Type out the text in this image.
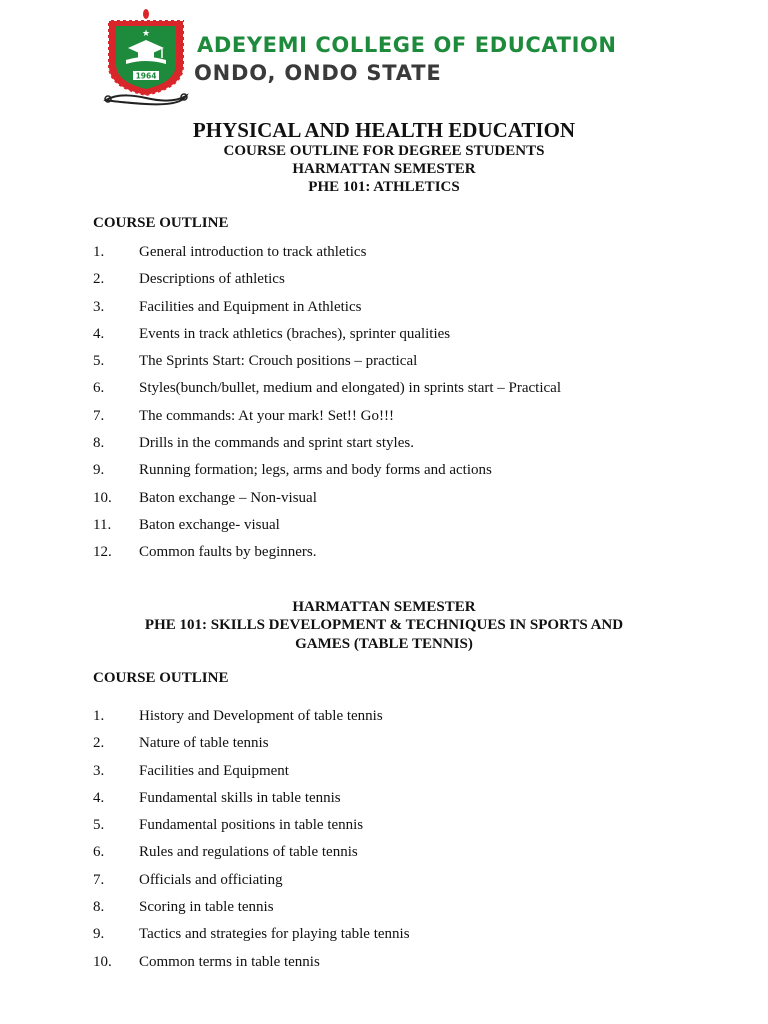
★
1964
ADEYEMI COLLEGE OF EDUCATION
ONDO, ONDO STATE
PHYSICAL AND HEALTH EDUCATION
COURSE OUTLINE FOR DEGREE STUDENTS
HARMATTAN SEMESTER
PHE 101: ATHLETICS
COURSE OUTLINE
1. General introduction to track athletics
2. Descriptions of athletics
3. Facilities and Equipment in Athletics
4. Events in track athletics (braches), sprinter qualities
5. The Sprints Start: Crouch positions – practical
6. Styles(bunch/bullet, medium and elongated) in sprints start – Practical
7. The commands: At your mark! Set!! Go!!!
8. Drills in the commands and sprint start styles.
9. Running formation; legs, arms and body forms and actions
10. Baton exchange – Non-visual
11. Baton exchange- visual
12. Common faults by beginners.
HARMATTAN SEMESTER
PHE 101: SKILLS DEVELOPMENT & TECHNIQUES IN SPORTS AND
GAMES (TABLE TENNIS)
COURSE OUTLINE
1. History and Development of table tennis
2. Nature of table tennis
3. Facilities and Equipment
4. Fundamental skills in table tennis
5. Fundamental positions in table tennis
6. Rules and regulations of table tennis
7. Officials and officiating
8. Scoring in table tennis
9. Tactics and strategies for playing table tennis
10. Common terms in table tennis
